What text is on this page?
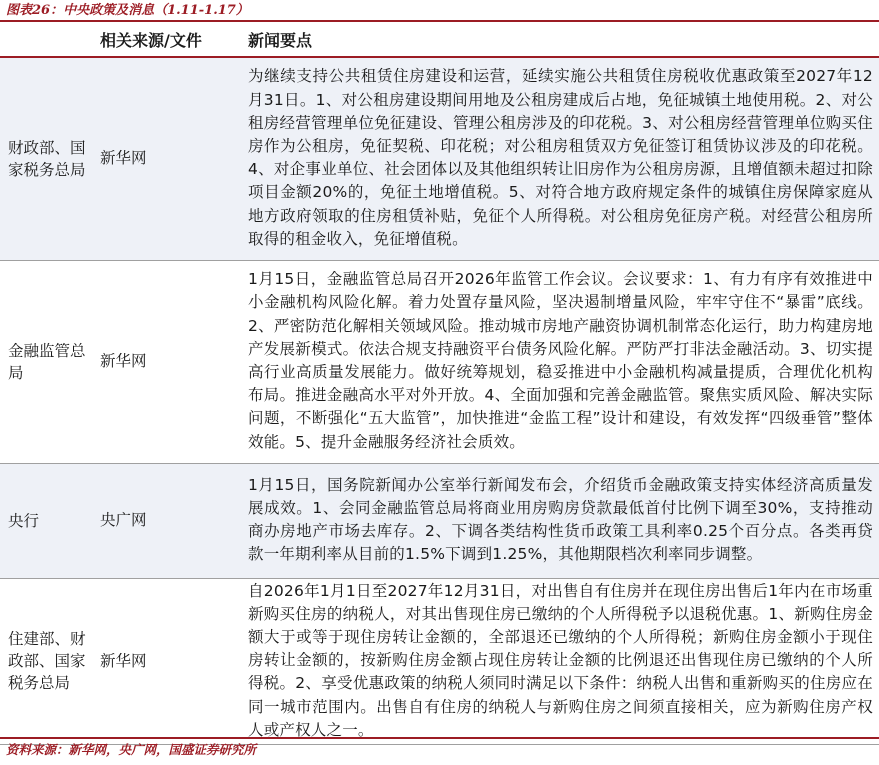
图表26：中央政策及消息（1.11-1.17）
	相关来源/文件	新闻要点
财政部、国家税务总局	新华网	为继续支持公共租赁住房建设和运营，延续实施公共租赁住房税收优惠政策至2027年12月31日。1、对公租房建设期间用地及公租房建成后占地，免征城镇土地使用税。2、对公租房经营管理单位免征建设、管理公租房涉及的印花税。3、对公租房经营管理单位购买住房作为公租房，免征契税、印花税；对公租房租赁双方免征签订租赁协议涉及的印花税。4、对企事业单位、社会团体以及其他组织转让旧房作为公租房房源，且增值额未超过扣除项目金额20%的，免征土地增值税。5、对符合地方政府规定条件的城镇住房保障家庭从地方政府领取的住房租赁补贴，免征个人所得税。对公租房免征房产税。对经营公租房所取得的租金收入，免征增值税。
金融监管总局	新华网	1月15日，金融监管总局召开2026年监管工作会议。会议要求：1、有力有序有效推进中小金融机构风险化解。着力处置存量风险，坚决遏制增量风险，牢牢守住不“暴雷”底线。2、严密防范化解相关领域风险。推动城市房地产融资协调机制常态化运行，助力构建房地产发展新模式。依法合规支持融资平台债务风险化解。严防严打非法金融活动。3、切实提高行业高质量发展能力。做好统筹规划，稳妥推进中小金融机构减量提质，合理优化机构布局。推进金融高水平对外开放。4、全面加强和完善金融监管。聚焦实质风险、解决实际问题，不断强化“五大监管”，加快推进“金监工程”设计和建设，有效发挥“四级垂管”整体效能。5、提升金融服务经济社会质效。
央行	央广网	1月15日，国务院新闻办公室举行新闻发布会，介绍货币金融政策支持实体经济高质量发展成效。1、会同金融监管总局将商业用房购房贷款最低首付比例下调至30%，支持推动商办房地产市场去库存。2、下调各类结构性货币政策工具利率0.25个百分点。各类再贷款一年期利率从目前的1.5%下调到1.25%，其他期限档次利率同步调整。
住建部、财政部、国家税务总局	新华网	自2026年1月1日至2027年12月31日，对出售自有住房并在现住房出售后1年内在市场重新购买住房的纳税人，对其出售现住房已缴纳的个人所得税予以退税优惠。1、新购住房金额大于或等于现住房转让金额的，全部退还已缴纳的个人所得税；新购住房金额小于现住房转让金额的，按新购住房金额占现住房转让金额的比例退还出售现住房已缴纳的个人所得税。2、享受优惠政策的纳税人须同时满足以下条件：纳税人出售和重新购买的住房应在同一城市范围内。出售自有住房的纳税人与新购住房之间须直接相关，应为新购住房产权人或产权人之一。
资料来源：新华网，央广网，国盛证券研究所
